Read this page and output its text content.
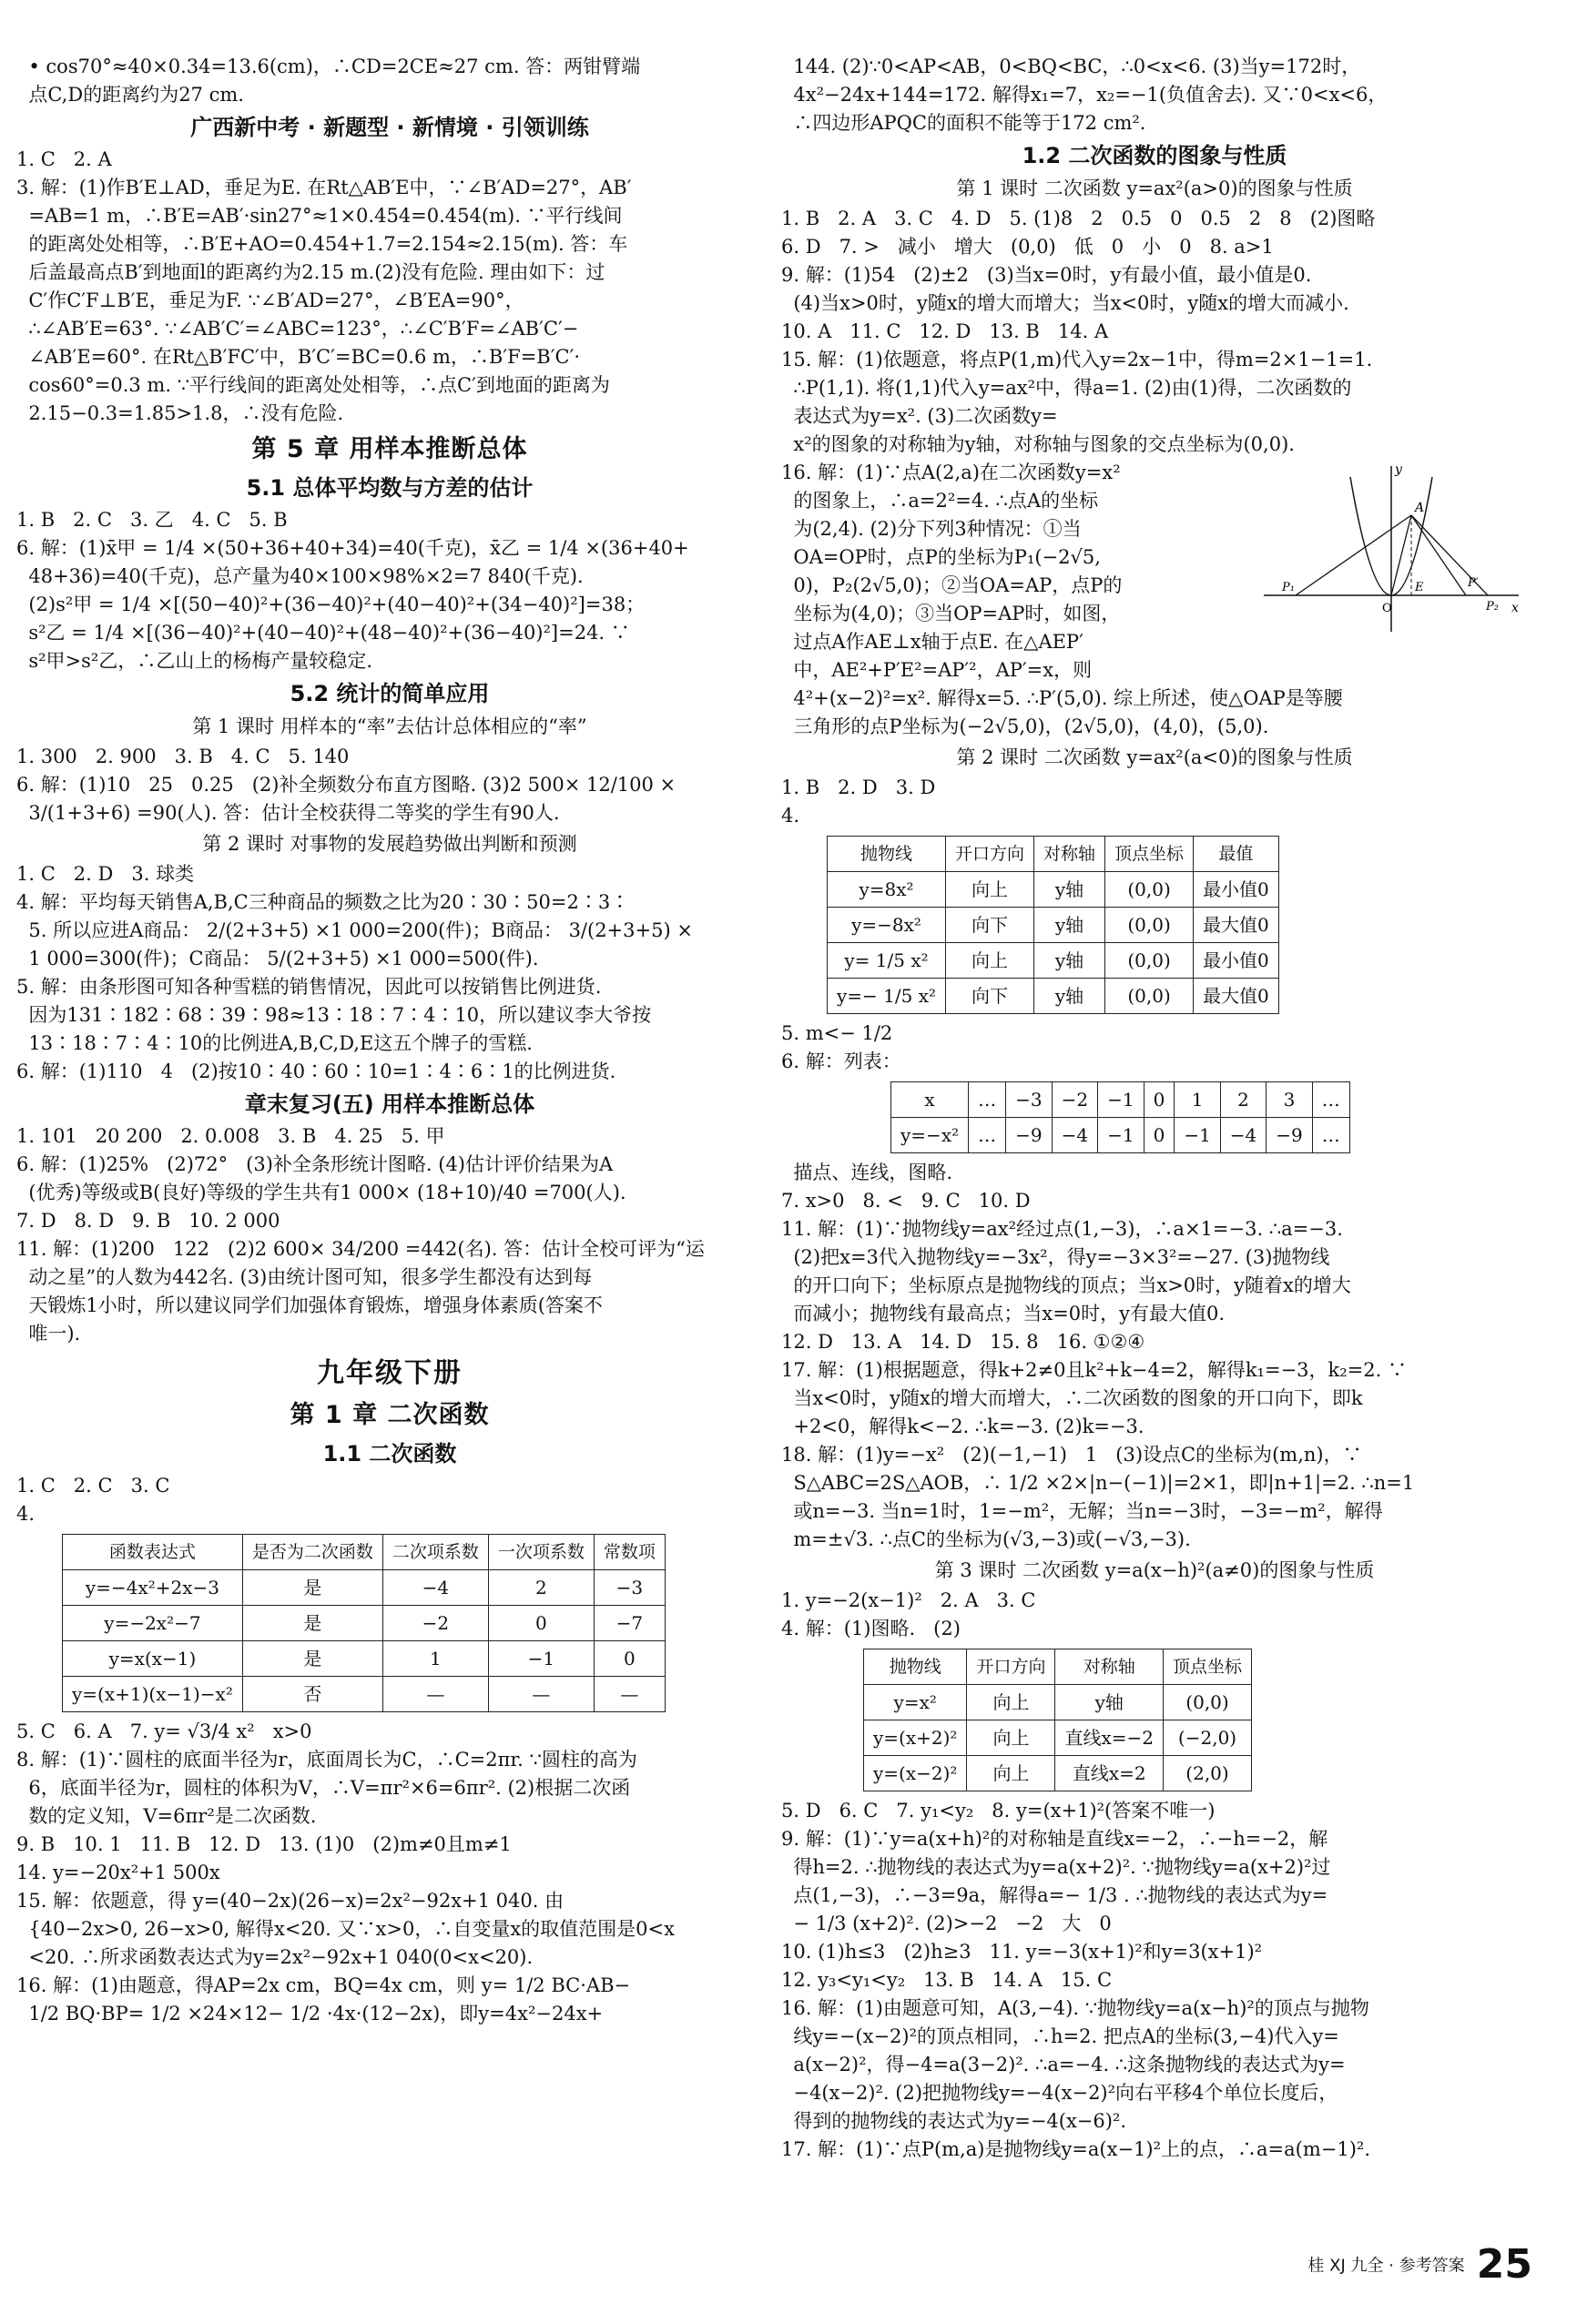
• cos70°≈40×0.34=13.6(cm)，∴CD=2CE≈27 cm. 答：两钳臂端
点C,D的距离约为27 cm.
广西新中考 · 新题型 · 新情境 · 引领训练
1. C   2. A
3. 解：(1)作B′E⊥AD，垂足为E. 在Rt△AB′E中，∵∠B′AD=27°，AB′
=AB=1 m，∴B′E=AB′·sin27°≈1×0.454=0.454(m). ∵平行线间
的距离处处相等，∴B′E+AO=0.454+1.7=2.154≈2.15(m). 答：车
后盖最高点B′到地面l的距离约为2.15 m.(2)没有危险. 理由如下：过
C′作C′F⊥B′E，垂足为F. ∵∠B′AD=27°，∠B′EA=90°，
∴∠AB′E=63°. ∵∠AB′C′=∠ABC=123°，∴∠C′B′F=∠AB′C′−
∠AB′E=60°. 在Rt△B′FC′中，B′C′=BC=0.6 m，∴B′F=B′C′·
cos60°=0.3 m. ∵平行线间的距离处处相等，∴点C′到地面的距离为
2.15−0.3=1.85>1.8，∴没有危险.
第 5 章 用样本推断总体
5.1 总体平均数与方差的估计
1. B   2. C   3. 乙   4. C   5. B
6. 解：(1)x̄甲 = 1/4 ×(50+36+40+34)=40(千克)，x̄乙 = 1/4 ×(36+40+
48+36)=40(千克)，总产量为40×100×98%×2=7 840(千克).
(2)s²甲 = 1/4 ×[(50−40)²+(36−40)²+(40−40)²+(34−40)²]=38；
s²乙 = 1/4 ×[(36−40)²+(40−40)²+(48−40)²+(36−40)²]=24. ∵
s²甲>s²乙，∴乙山上的杨梅产量较稳定.
5.2 统计的简单应用
第 1 课时 用样本的“率”去估计总体相应的“率”
1. 300   2. 900   3. B   4. C   5. 140
6. 解：(1)10   25   0.25   (2)补全频数分布直方图略. (3)2 500× 12/100 ×
3/(1+3+6) =90(人). 答：估计全校获得二等奖的学生有90人.
第 2 课时 对事物的发展趋势做出判断和预测
1. C   2. D   3. 球类
4. 解：平均每天销售A,B,C三种商品的频数之比为20∶30∶50=2∶3∶
5. 所以应进A商品： 2/(2+3+5) ×1 000=200(件)；B商品： 3/(2+3+5) ×
1 000=300(件)；C商品： 5/(2+3+5) ×1 000=500(件).
5. 解：由条形图可知各种雪糕的销售情况，因此可以按销售比例进货.
因为131∶182∶68∶39∶98≈13∶18∶7∶4∶10，所以建议李大爷按
13∶18∶7∶4∶10的比例进A,B,C,D,E这五个牌子的雪糕.
6. 解：(1)110   4   (2)按10∶40∶60∶10=1∶4∶6∶1的比例进货.
章末复习(五) 用样本推断总体
1. 101   20 200   2. 0.008   3. B   4. 25   5. 甲
6. 解：(1)25%   (2)72°   (3)补全条形统计图略. (4)估计评价结果为A
(优秀)等级或B(良好)等级的学生共有1 000× (18+10)/40 =700(人).
7. D   8. D   9. B   10. 2 000
11. 解：(1)200   122   (2)2 600× 34/200 =442(名). 答：估计全校可评为“运
动之星”的人数为442名. (3)由统计图可知，很多学生都没有达到每
天锻炼1小时，所以建议同学们加强体育锻炼，增强身体素质(答案不
唯一).
九年级下册
第 1 章 二次函数
1.1 二次函数
1. C   2. C   3. C
4.
函数表达式	是否为二次函数	二次项系数	一次项系数	常数项
y=−4x²+2x−3	是	−4	2	−3
y=−2x²−7	是	−2	0	−7
y=x(x−1)	是	1	−1	0
y=(x+1)(x−1)−x²	否	—	—	—
5. C   6. A   7. y= √3/4 x²   x>0
8. 解：(1)∵圆柱的底面半径为r，底面周长为C，∴C=2πr. ∵圆柱的高为
6，底面半径为r，圆柱的体积为V，∴V=πr²×6=6πr². (2)根据二次函
数的定义知，V=6πr²是二次函数.
9. B   10. 1   11. B   12. D   13. (1)0   (2)m≠0且m≠1
14. y=−20x²+1 500x
15. 解：依题意，得 y=(40−2x)(26−x)=2x²−92x+1 040. 由
{40−2x>0, 26−x>0, 解得x<20. 又∵x>0，∴自变量x的取值范围是0<x
<20. ∴所求函数表达式为y=2x²−92x+1 040(0<x<20).
16. 解：(1)由题意，得AP=2x cm，BQ=4x cm，则 y= 1/2 BC·AB−
1/2 BQ·BP= 1/2 ×24×12− 1/2 ·4x·(12−2x)，即y=4x²−24x+
144. (2)∵0<AP<AB，0<BQ<BC，∴0<x<6. (3)当y=172时，
4x²−24x+144=172. 解得x₁=7，x₂=−1(负值舍去). 又∵0<x<6，
∴四边形APQC的面积不能等于172 cm².
1.2 二次函数的图象与性质
第 1 课时 二次函数 y=ax²(a>0)的图象与性质
1. B   2. A   3. C   4. D   5. (1)8   2   0.5   0   0.5   2   8   (2)图略
6. D   7. >   减小   增大   (0,0)   低   0   小   0   8. a>1
9. 解：(1)54   (2)±2   (3)当x=0时，y有最小值，最小值是0.
(4)当x>0时，y随x的增大而增大；当x<0时，y随x的增大而减小.
10. A   11. C   12. D   13. B   14. A
15. 解：(1)依题意，将点P(1,m)代入y=2x−1中，得m=2×1−1=1.
∴P(1,1). 将(1,1)代入y=ax²中，得a=1. (2)由(1)得，二次函数的
表达式为y=x². (3)二次函数y=
x²的图象的对称轴为y轴，对称轴与图象的交点坐标为(0,0).
16. 解：(1)∵点A(2,a)在二次函数y=x²
的图象上，∴a=2²=4. ∴点A的坐标
为(2,4). (2)分下列3种情况：①当
OA=OP时，点P的坐标为P₁(−2√5,
0)，P₂(2√5,0)；②当OA=AP，点P的
坐标为(4,0)；③当OP=AP时，如图，
过点A作AE⊥x轴于点E. 在△AEP′
中，AE²+P′E²=AP′²，AP′=x，则
4²+(x−2)²=x². 解得x=5. ∴P′(5,0). 综上所述，使△OAP是等腰
三角形的点P坐标为(−2√5,0)，(2√5,0)，(4,0)，(5,0).
y
x
O
A
E
P₁
P₂
P′
第 2 课时 二次函数 y=ax²(a<0)的图象与性质
1. B   2. D   3. D
4.
抛物线	开口方向	对称轴	顶点坐标	最值
y=8x²	向上	y轴	(0,0)	最小值0
y=−8x²	向下	y轴	(0,0)	最大值0
y= 1/5 x²	向上	y轴	(0,0)	最小值0
y=− 1/5 x²	向下	y轴	(0,0)	最大值0
5. m<− 1/2
6. 解：列表：
x	…	−3	−2	−1	0	1	2	3	…
y=−x²	…	−9	−4	−1	0	−1	−4	−9	…
描点、连线，图略.
7. x>0   8. <   9. C   10. D
11. 解：(1)∵抛物线y=ax²经过点(1,−3)，∴a×1=−3. ∴a=−3.
(2)把x=3代入抛物线y=−3x²，得y=−3×3²=−27. (3)抛物线
的开口向下；坐标原点是抛物线的顶点；当x>0时，y随着x的增大
而减小；抛物线有最高点；当x=0时，y有最大值0.
12. D   13. A   14. D   15. 8   16. ①②④
17. 解：(1)根据题意，得k+2≠0且k²+k−4=2，解得k₁=−3，k₂=2. ∵
当x<0时，y随x的增大而增大，∴二次函数的图象的开口向下，即k
+2<0，解得k<−2. ∴k=−3. (2)k=−3.
18. 解：(1)y=−x²   (2)(−1,−1)   1   (3)设点C的坐标为(m,n)，∵
S△ABC=2S△AOB，∴ 1/2 ×2×|n−(−1)|=2×1，即|n+1|=2. ∴n=1
或n=−3. 当n=1时，1=−m²，无解；当n=−3时，−3=−m²，解得
m=±√3. ∴点C的坐标为(√3,−3)或(−√3,−3).
第 3 课时 二次函数 y=a(x−h)²(a≠0)的图象与性质
1. y=−2(x−1)²   2. A   3. C
4. 解：(1)图略.   (2)
抛物线	开口方向	对称轴	顶点坐标
y=x²	向上	y轴	(0,0)
y=(x+2)²	向上	直线x=−2	(−2,0)
y=(x−2)²	向上	直线x=2	(2,0)
5. D   6. C   7. y₁<y₂   8. y=(x+1)²(答案不唯一)
9. 解：(1)∵y=a(x+h)²的对称轴是直线x=−2，∴−h=−2，解
得h=2. ∴抛物线的表达式为y=a(x+2)². ∵抛物线y=a(x+2)²过
点(1,−3)，∴−3=9a，解得a=− 1/3 . ∴抛物线的表达式为y=
− 1/3 (x+2)². (2)>−2   −2   大   0
10. (1)h≤3   (2)h≥3   11. y=−3(x+1)²和y=3(x+1)²
12. y₃<y₁<y₂   13. B   14. A   15. C
16. 解：(1)由题意可知，A(3,−4). ∵抛物线y=a(x−h)²的顶点与抛物
线y=−(x−2)²的顶点相同，∴h=2. 把点A的坐标(3,−4)代入y=
a(x−2)²，得−4=a(3−2)². ∴a=−4. ∴这条抛物线的表达式为y=
−4(x−2)². (2)把抛物线y=−4(x−2)²向右平移4个单位长度后，
得到的抛物线的表达式为y=−4(x−6)².
17. 解：(1)∵点P(m,a)是抛物线y=a(x−1)²上的点，∴a=a(m−1)².
桂 XJ 九全 · 参考答案 25
